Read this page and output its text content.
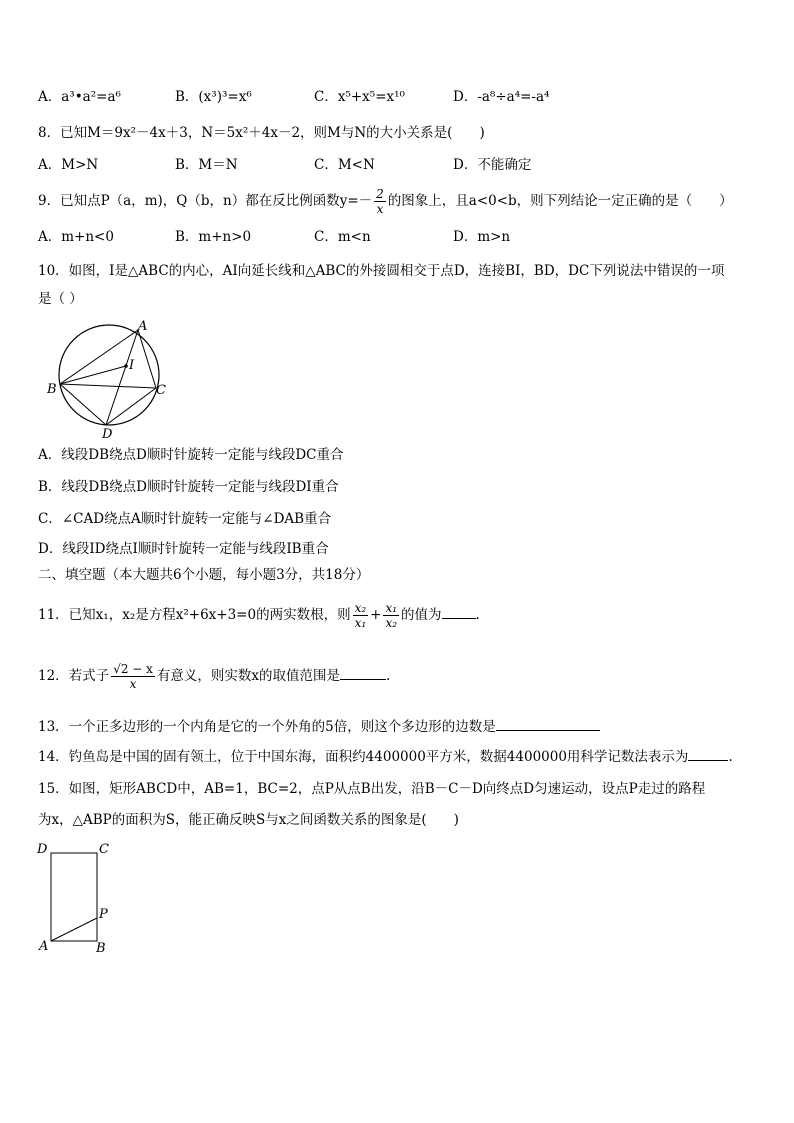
A．a³•a²=a⁶	B．(x³)³=x⁶	C．x⁵+x⁵=x¹⁰	D．-a⁸÷a⁴=-a⁴
8．已知M＝9x²－4x＋3，N＝5x²＋4x－2，则M与N的大小关系是(　　)
A．M>N	B．M＝N	C．M<N	D．不能确定
9．已知点P（a，m)，Q（b，n）都在反比例函数$y=- \frac{2}{x}$ 的图象上，且a<0<b，则下列结论一定正确的是（　　）
A．m+n<0	B．m+n>0	C．m<n	D．m>n
10．如图，I是△ABC的内心，AI向延长线和△ABC的外接圆相交于点D，连接BI，BD，DC下列说法中错误的一项
是（ ）
A
B	C
D
I
A．线段DB绕点D顺时针旋转一定能与线段DC重合
B．线段DB绕点D顺时针旋转一定能与线段DI重合
C．∠CAD绕点A顺时针旋转一定能与∠DAB重合
D．线段ID绕点I顺时针旋转一定能与线段IB重合
二、填空题（本大题共6个小题，每小题3分，共18分）
11．已知x₁，x₂是方程x²+6x+3=0的两实数根，则 $\frac{\text{x₂}}{\text{x₁}} + \frac{\text{x₁}}{\text{x₂}}$ 的值为	.
12．若式子 $\frac{√2 - x}{x}$ 有意义，则实数x的取值范围是	.
13．一个正多边形的一个内角是它的一个外角的5倍，则这个多边形的边数是
14．钓鱼岛是中国的固有领土，位于中国东海，面积约4400000平方米，数据4400000用科学记数法表示为	.
15．如图，矩形ABCD中，AB=1，BC=2，点P从点B出发，沿B－C－D向终点D匀速运动，设点P走过的路程
为x，△ABP的面积为S，能正确反映S与x之间函数关系的图象是(　　)
D	C
P
A	B
